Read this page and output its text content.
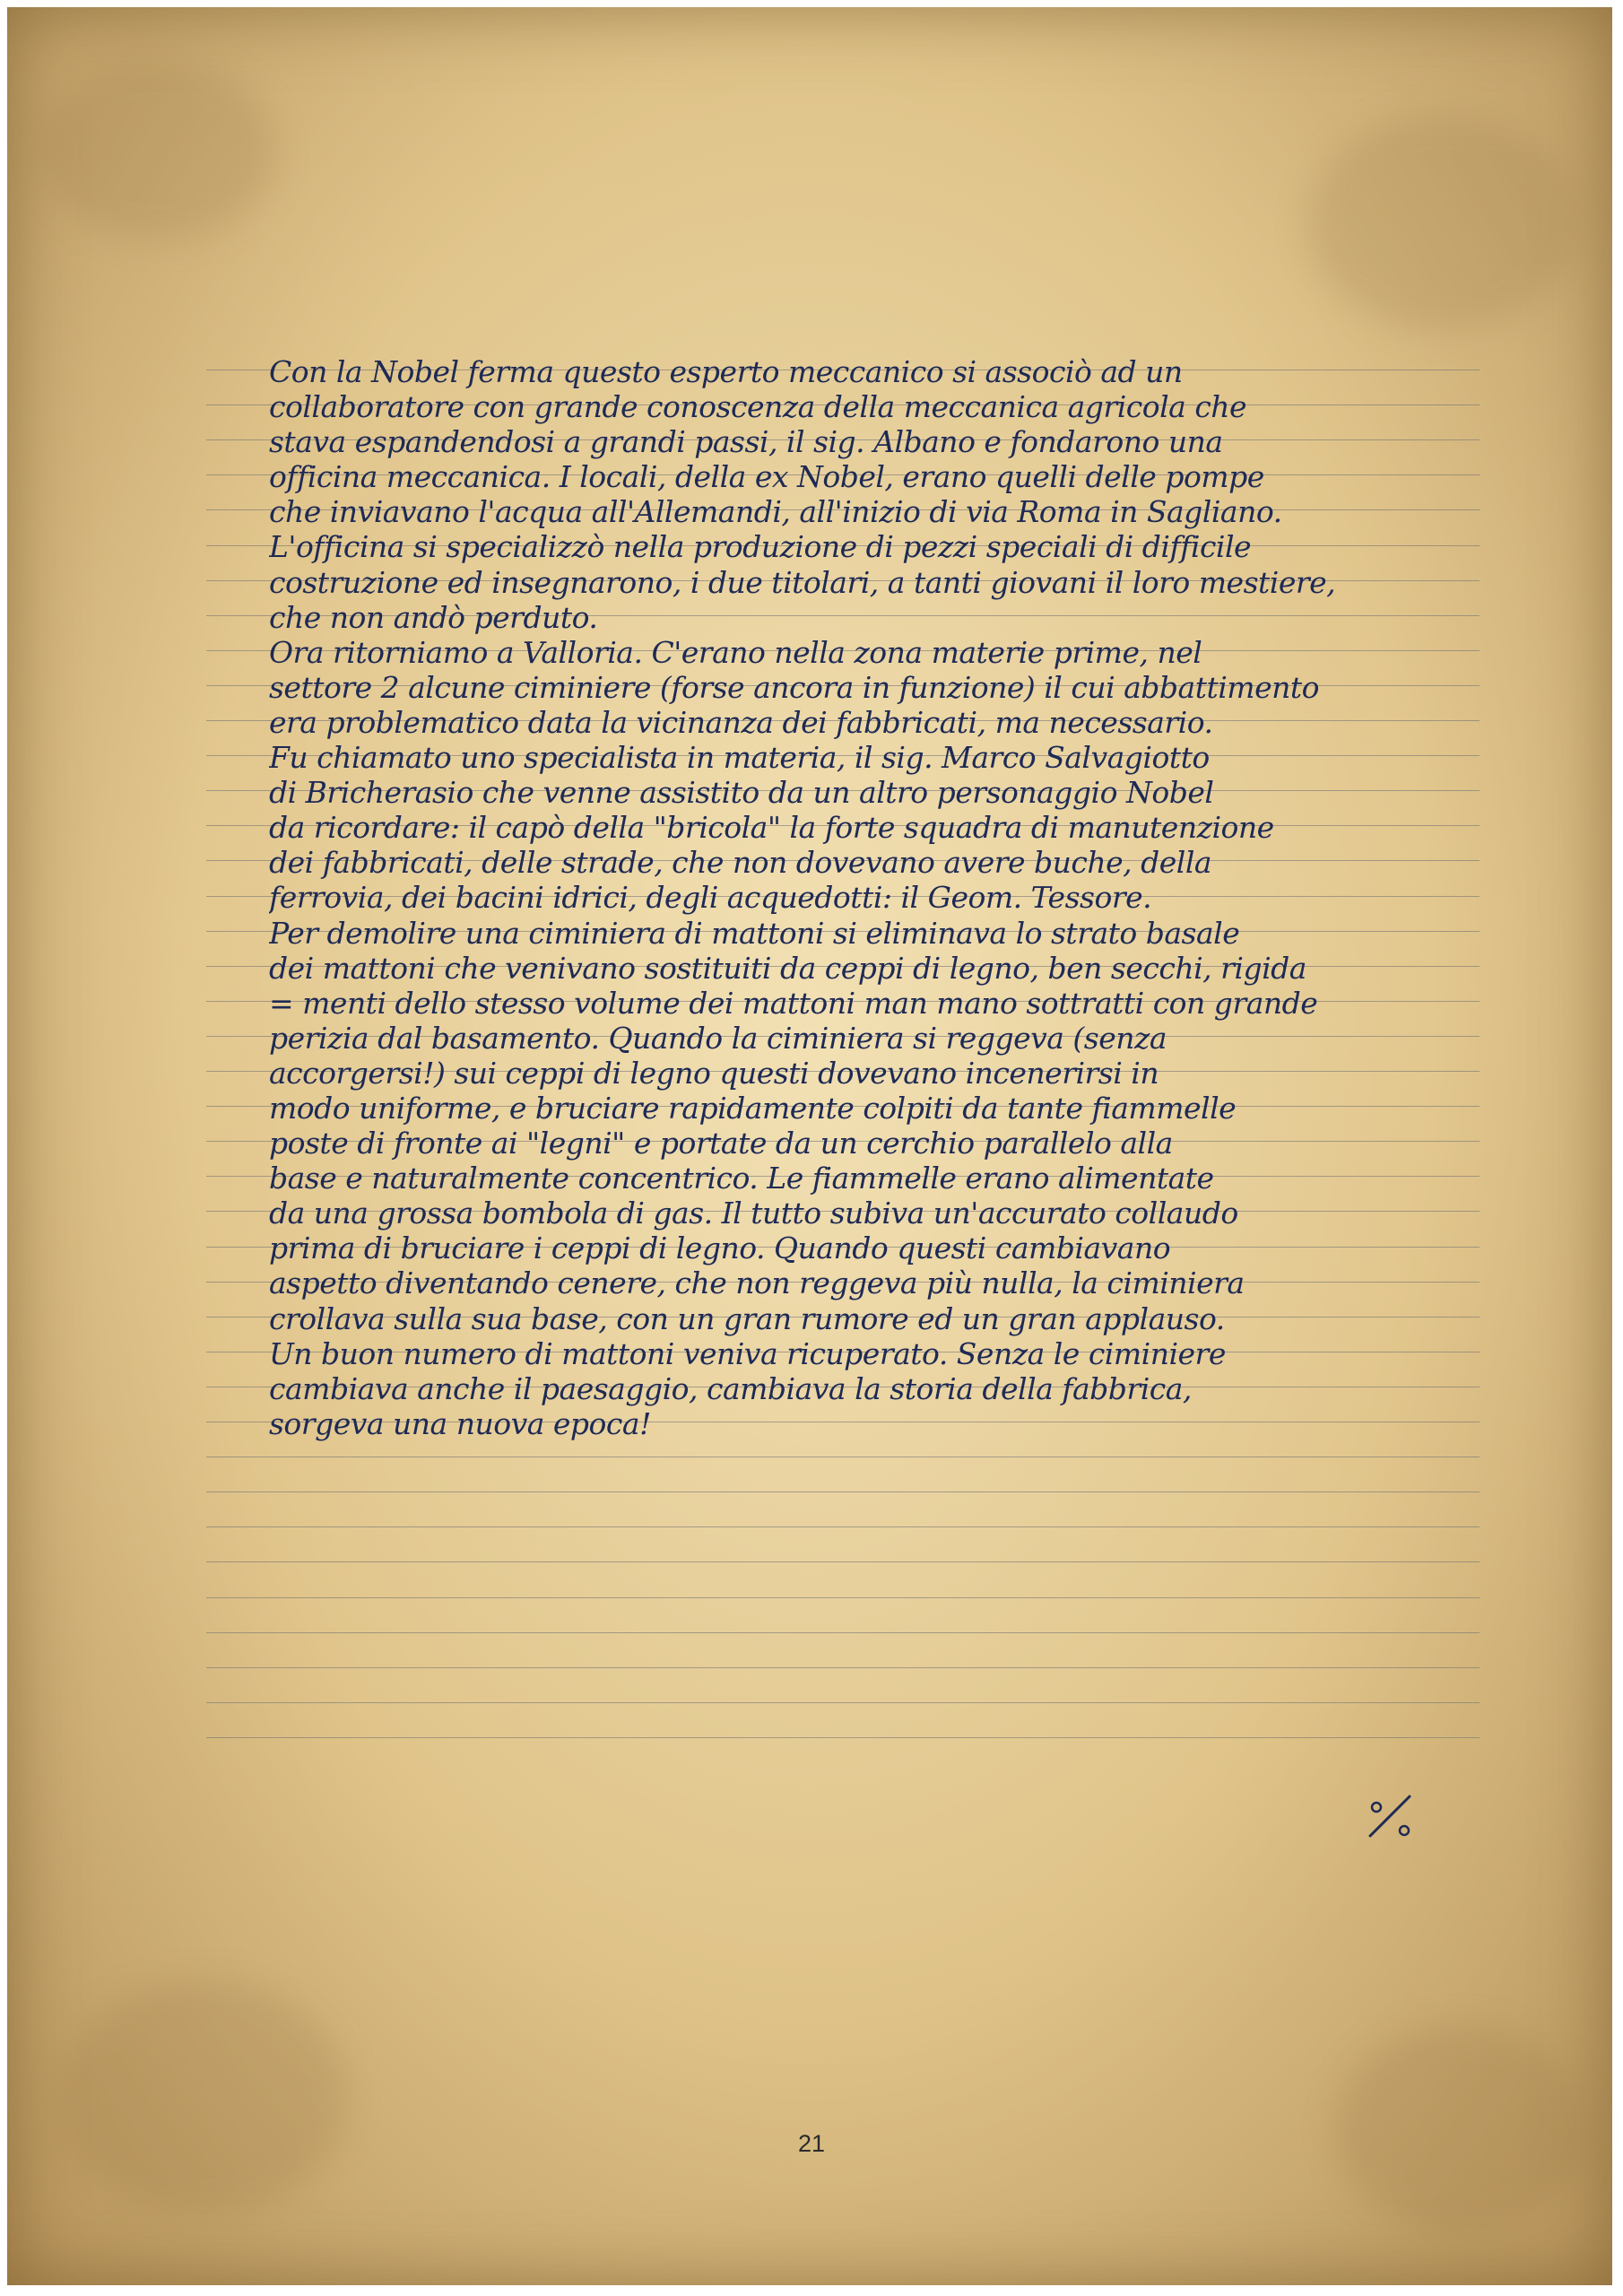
Con la Nobel ferma questo esperto meccanico si associò ad un
collaboratore con grande conoscenza della meccanica agricola che
stava espandendosi a grandi passi, il sig. Albano e fondarono una
officina meccanica. I locali, della ex Nobel, erano quelli delle pompe
che inviavano l'acqua all'Allemandi, all'inizio di via Roma in Sagliano.
L'officina si specializzò nella produzione di pezzi speciali di difficile
costruzione ed insegnarono, i due titolari, a tanti giovani il loro mestiere,
che non andò perduto.
Ora ritorniamo a Valloria. C'erano nella zona materie prime, nel
settore 2 alcune ciminiere (forse ancora in funzione) il cui abbattimento
era problematico data la vicinanza dei fabbricati, ma necessario.
Fu chiamato uno specialista in materia, il sig. Marco Salvagiotto
di Bricherasio che venne assistito da un altro personaggio Nobel
da ricordare: il capò della "bricola" la forte squadra di manutenzione
dei fabbricati, delle strade, che non dovevano avere buche, della
ferrovia, dei bacini idrici, degli acquedotti: il Geom. Tessore.
Per demolire una ciminiera di mattoni si eliminava lo strato basale
dei mattoni che venivano sostituiti da ceppi di legno, ben secchi, rigida
= menti dello stesso volume dei mattoni man mano sottratti con grande
perizia dal basamento. Quando la ciminiera si reggeva (senza
accorgersi!) sui ceppi di legno questi dovevano incenerirsi in
modo uniforme, e bruciare rapidamente colpiti da tante fiammelle
poste di fronte ai "legni" e portate da un cerchio parallelo alla
base e naturalmente concentrico. Le fiammelle erano alimentate
da una grossa bombola di gas. Il tutto subiva un'accurato collaudo
prima di bruciare i ceppi di legno. Quando questi cambiavano
aspetto diventando cenere, che non reggeva più nulla, la ciminiera
crollava sulla sua base, con un gran rumore ed un gran applauso.
Un buon numero di mattoni veniva ricuperato. Senza le ciminiere
cambiava anche il paesaggio, cambiava la storia della fabbrica,
sorgeva una nuova epoca!
21
